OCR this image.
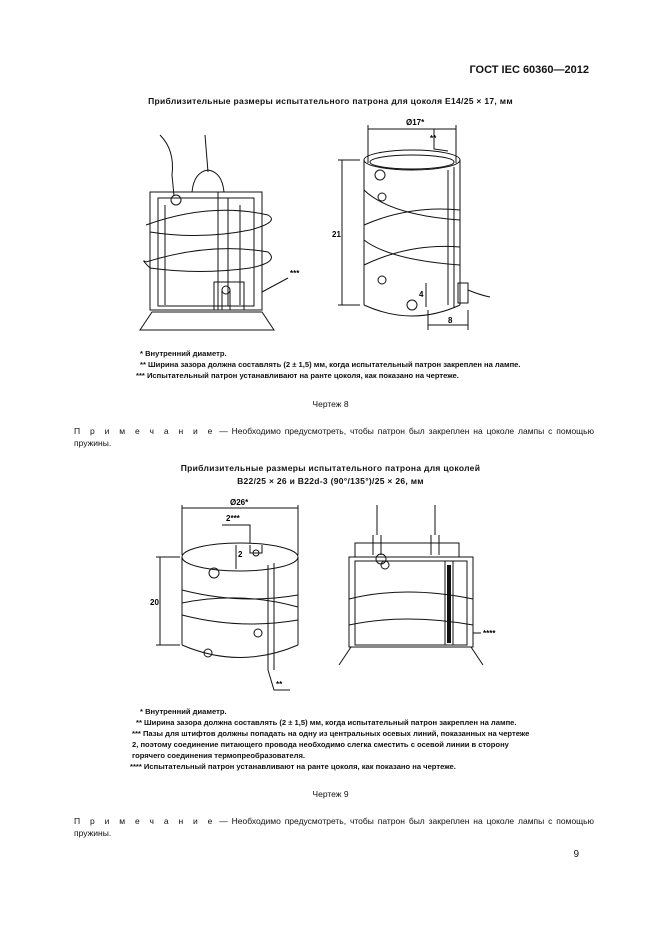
ГОСТ IEC 60360—2012
Приблизительные размеры испытательного патрона для цоколя E14/25 × 17, мм
***
Ø17*
21
**
8
4
* Внутренний диаметр.
** Ширина зазора должна составлять (2 ± 1,5) мм, когда испытательный патрон закреплен на лампе.
*** Испытательный патрон устанавливают на ранте цоколя, как показано на чертеже.
Чертеж 8
П р и м е ч а н и е — Необходимо предусмотреть, чтобы патрон был закреплен на цоколе лампы с помощью пружины.
Приблизительные размеры испытательного патрона для цоколей
B22/25 × 26 и B22d-3 (90°/135°)/25 × 26, мм
Ø26*
2***
2
20
**
****
* Внутренний диаметр.
** Ширина зазора должна составлять (2 ± 1,5) мм, когда испытательный патрон закреплен на лампе.
*** Пазы для штифтов должны попадать на одну из центральных осевых линий, показанных на чертеже 2, поэтому соединение питающего провода необходимо слегка сместить с осевой линии в сторону горячего соединения термопреобразователя.
**** Испытательный патрон устанавливают на ранте цоколя, как показано на чертеже.
Чертеж 9
П р и м е ч а н и е — Необходимо предусмотреть, чтобы патрон был закреплен на цоколе лампы с помощью пружины.
9
